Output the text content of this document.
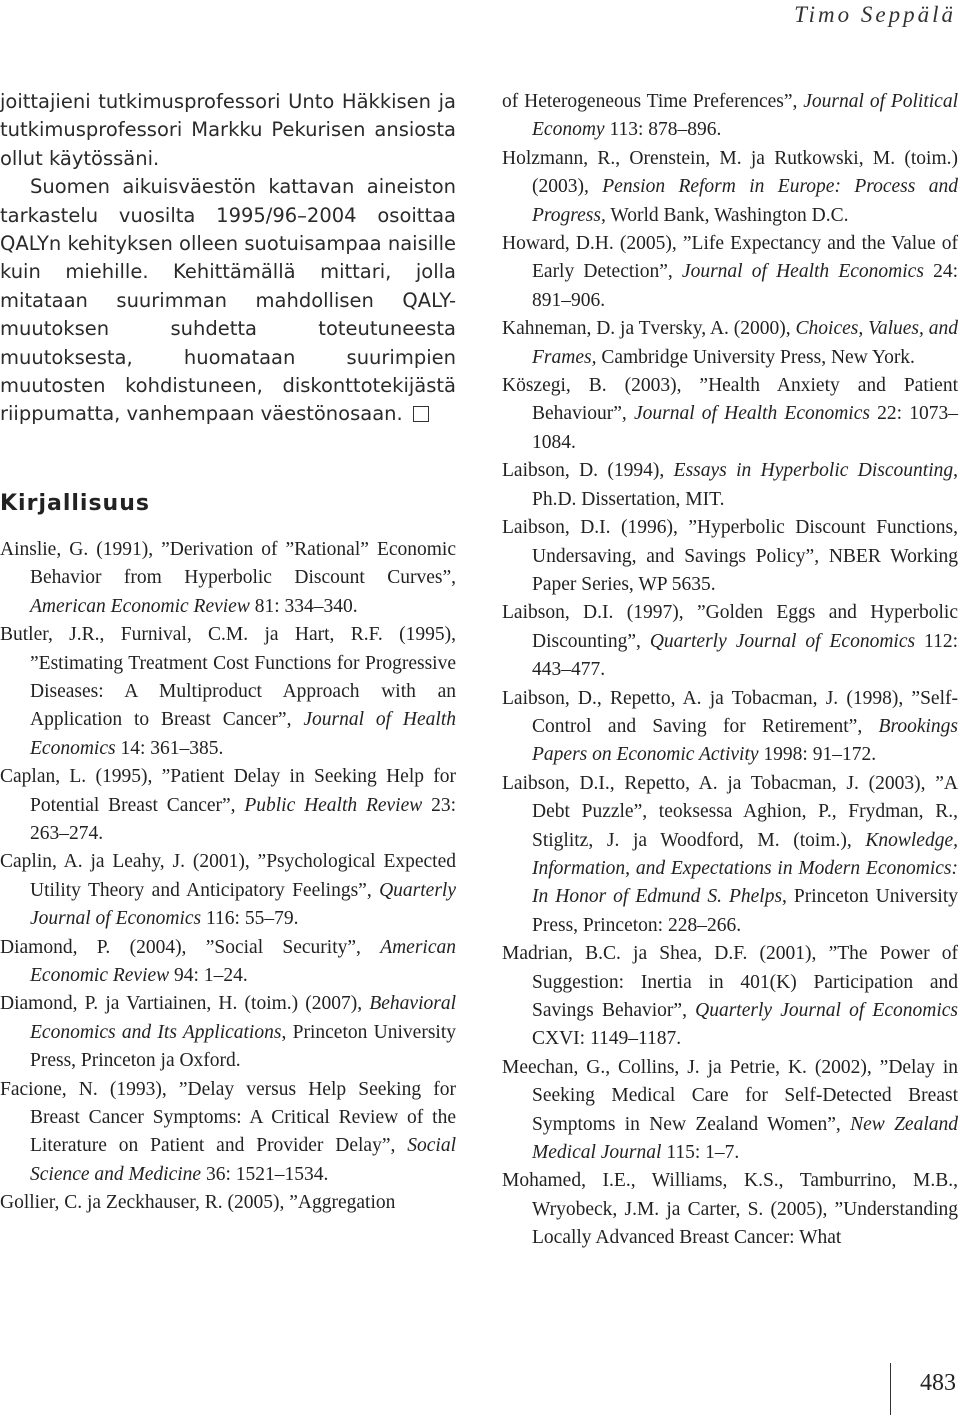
Timo Seppälä

joittajieni tutkimusprofessori Unto Häkkisen ja tutkimusprofessori Markku Pekurisen ansiosta ollut käytössäni.

Suomen aikuisväestön kattavan aineiston tarkastelu vuosilta 1995/96–2004 osoittaa QALYn kehityksen olleen suotuisampaa naisille kuin miehille. Kehittämällä mittari, jolla mitataan suurimman mahdollisen QALY-muutoksen suhdetta toteutuneesta muutoksesta, huomataan suurimpien muutosten kohdistuneen, diskonttotekijästä riippumatta, vanhempaan väestönosaan.

Kirjallisuus

Ainslie, G. (1991), ”Derivation of ”Rational” Economic Behavior from Hyperbolic Discount Curves”, American Economic Review 81: 334–340.

Butler, J.R., Furnival, C.M. ja Hart, R.F. (1995), ”Estimating Treatment Cost Functions for Progressive Diseases: A Multiproduct Approach with an Application to Breast Cancer”, Journal of Health Economics 14: 361–385.

Caplan, L. (1995), ”Patient Delay in Seeking Help for Potential Breast Cancer”, Public Health Review 23: 263–274.

Caplin, A. ja Leahy, J. (2001), ”Psychological Expected Utility Theory and Anticipatory Feelings”, Quarterly Journal of Economics 116: 55–79.

Diamond, P. (2004), ”Social Security”, American Economic Review 94: 1–24.

Diamond, P. ja Vartiainen, H. (toim.) (2007), Behavioral Economics and Its Applications, Princeton University Press, Princeton ja Oxford.

Facione, N. (1993), ”Delay versus Help Seeking for Breast Cancer Symptoms: A Critical Review of the Literature on Patient and Provider Delay”, Social Science and Medicine 36: 1521–1534.

Gollier, C. ja Zeckhauser, R. (2005), ”Aggregation

of Heterogeneous Time Preferences”, Journal of Political Economy 113: 878–896.

Holzmann, R., Orenstein, M. ja Rutkowski, M. (toim.) (2003), Pension Reform in Europe: Process and Progress, World Bank, Washington D.C.

Howard, D.H. (2005), ”Life Expectancy and the Value of Early Detection”, Journal of Health Economics 24: 891–906.

Kahneman, D. ja Tversky, A. (2000), Choices, Values, and Frames, Cambridge University Press, New York.

Köszegi, B. (2003), ”Health Anxiety and Patient Behaviour”, Journal of Health Economics 22: 1073–1084.

Laibson, D. (1994), Essays in Hyperbolic Discounting, Ph.D. Dissertation, MIT.

Laibson, D.I. (1996), ”Hyperbolic Discount Functions, Undersaving, and Savings Policy”, NBER Working Paper Series, WP 5635.

Laibson, D.I. (1997), ”Golden Eggs and Hyperbolic Discounting”, Quarterly Journal of Economics 112: 443–477.

Laibson, D., Repetto, A. ja Tobacman, J. (1998), ”Self-Control and Saving for Retirement”, Brookings Papers on Economic Activity 1998: 91–172.

Laibson, D.I., Repetto, A. ja Tobacman, J. (2003), ”A Debt Puzzle”, teoksessa Aghion, P., Frydman, R., Stiglitz, J. ja Woodford, M. (toim.), Knowledge, Information, and Expectations in Modern Economics: In Honor of Edmund S. Phelps, Princeton University Press, Princeton: 228–266.

Madrian, B.C. ja Shea, D.F. (2001), ”The Power of Suggestion: Inertia in 401(K) Participation and Savings Behavior”, Quarterly Journal of Economics CXVI: 1149–1187.

Meechan, G., Collins, J. ja Petrie, K. (2002), ”Delay in Seeking Medical Care for Self-Detected Breast Symptoms in New Zealand Women”, New Zealand Medical Journal 115: 1–7.

Mohamed, I.E., Williams, K.S., Tamburrino, M.B., Wryobeck, J.M. ja Carter, S. (2005), ”Understanding Locally Advanced Breast Cancer: What

483
